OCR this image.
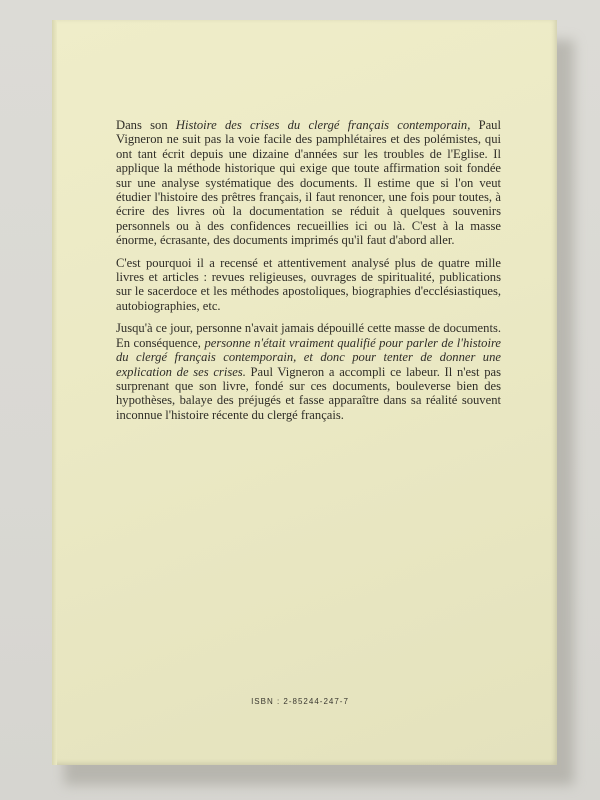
Dans son Histoire des crises du clergé français contemporain, Paul Vigneron ne suit pas la voie facile des pamphlétaires et des polémistes, qui ont tant écrit depuis une dizaine d'années sur les troubles de l'Eglise. Il applique la méthode historique qui exige que toute affirmation soit fondée sur une analyse systématique des documents. Il estime que si l'on veut étudier l'histoire des prêtres français, il faut renoncer, une fois pour toutes, à écrire des livres où la documentation se réduit à quelques souvenirs personnels ou à des confidences recueillies ici ou là. C'est à la masse énorme, écrasante, des documents imprimés qu'il faut d'abord aller.

C'est pourquoi il a recensé et attentivement analysé plus de quatre mille livres et articles : revues religieuses, ouvrages de spiritualité, publications sur le sacerdoce et les méthodes apostoliques, biographies d'ecclésiastiques, autobiographies, etc.

Jusqu'à ce jour, personne n'avait jamais dépouillé cette masse de documents. En conséquence, personne n'était vraiment qualifié pour parler de l'histoire du clergé français contemporain, et donc pour tenter de donner une explication de ses crises. Paul Vigneron a accompli ce labeur. Il n'est pas surprenant que son livre, fondé sur ces documents, bouleverse bien des hypothèses, balaye des préjugés et fasse apparaître dans sa réalité souvent inconnue l'histoire récente du clergé français.

ISBN : 2-85244-247-7
